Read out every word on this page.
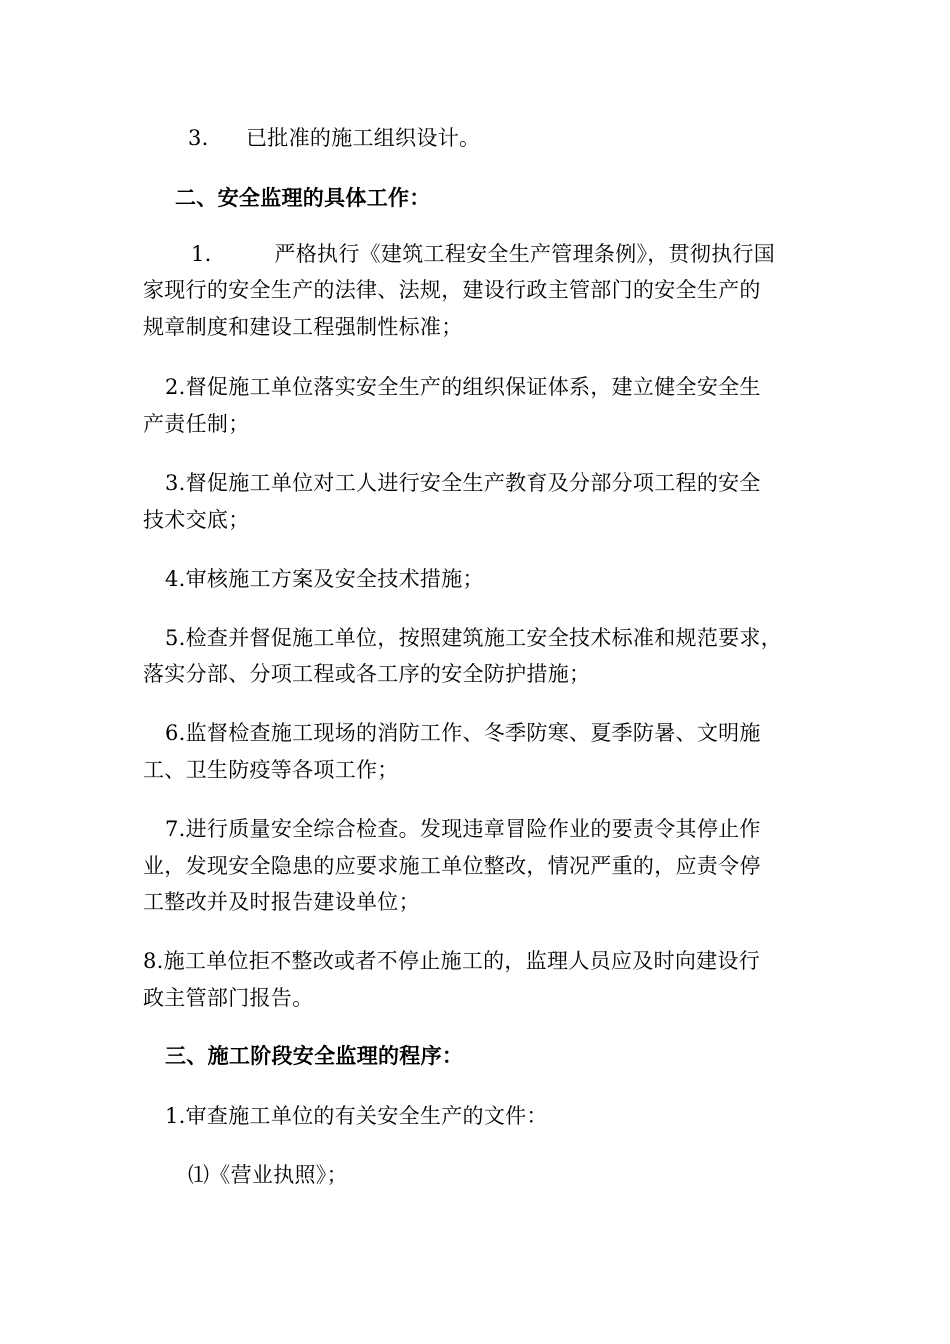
3. 已批准的施工组织设计。
二、安全监理的具体工作：
1.         严格执行《建筑工程安全生产管理条例》，贯彻执行国
家现行的安全生产的法律、法规，建设行政主管部门的安全生产的
规章制度和建设工程强制性标准；
2.督促施工单位落实安全生产的组织保证体系，建立健全安全生
产责任制；
3.督促施工单位对工人进行安全生产教育及分部分项工程的安全
技术交底；
4.审核施工方案及安全技术措施；
5.检查并督促施工单位，按照建筑施工安全技术标准和规范要求，
落实分部、分项工程或各工序的安全防护措施；
6.监督检查施工现场的消防工作、冬季防寒、夏季防暑、文明施
工、卫生防疫等各项工作；
7.进行质量安全综合检查。发现违章冒险作业的要责令其停止作
业，发现安全隐患的应要求施工单位整改，情况严重的，应责令停
工整改并及时报告建设单位；
8.施工单位拒不整改或者不停止施工的，监理人员应及时向建设行
政主管部门报告。
三、施工阶段安全监理的程序：
1.审查施工单位的有关安全生产的文件：
⑴《营业执照》；
